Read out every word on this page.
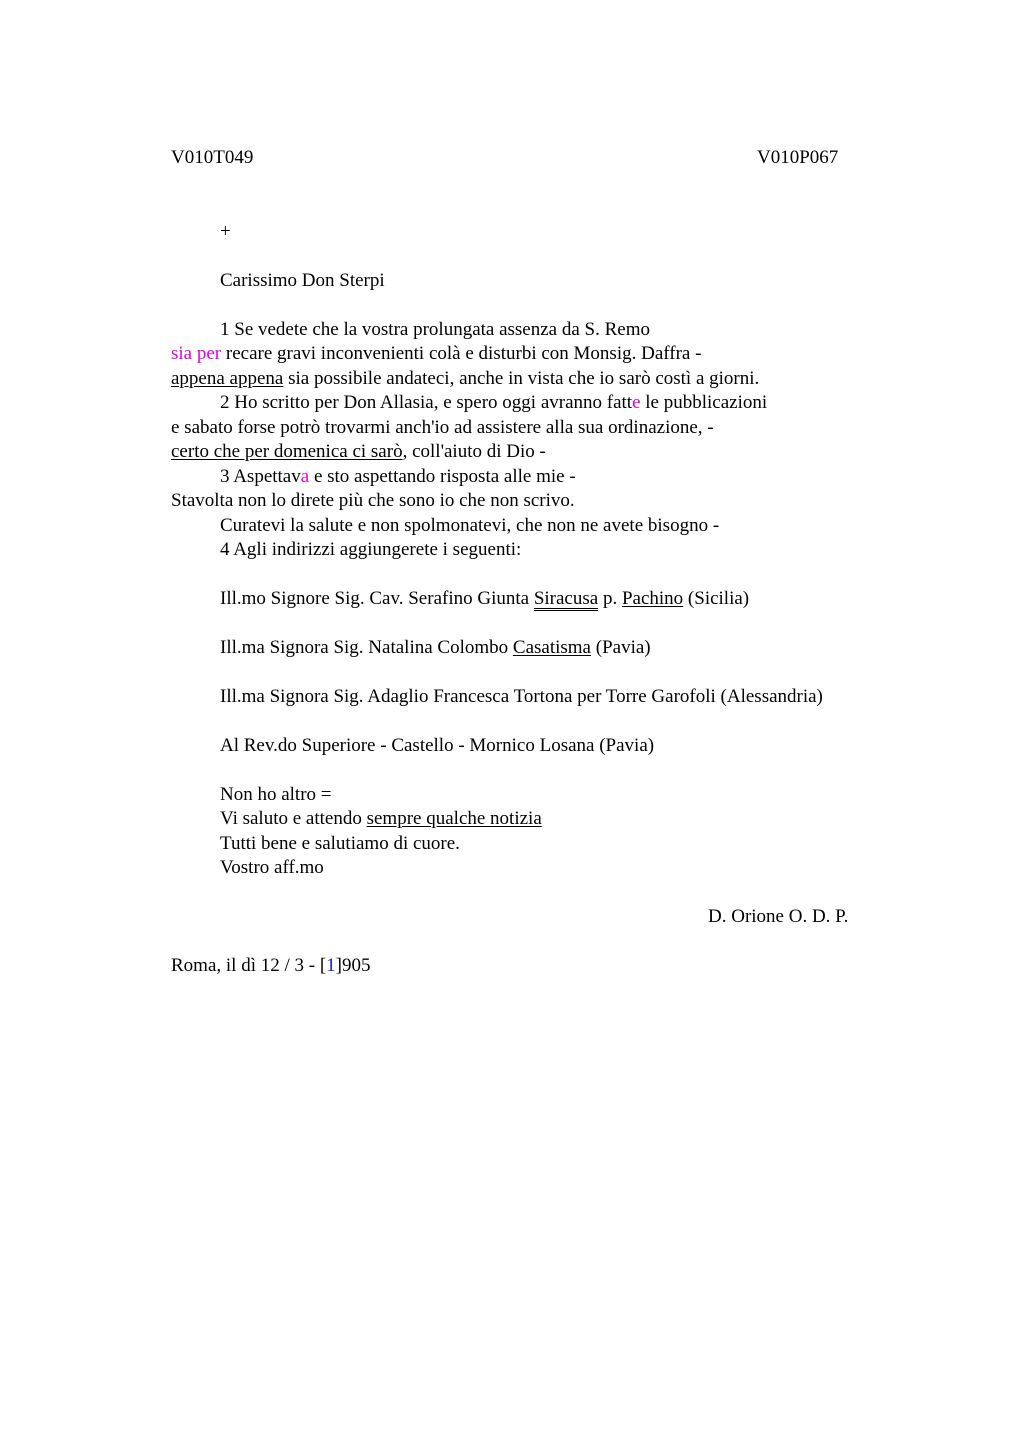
V010T049	V010P067
+
Carissimo Don Sterpi
1 Se vedete che la vostra prolungata assenza da S. Remo
sia per recare gravi inconvenienti colà e disturbi con Monsig. Daffra -
appena appena sia possibile andateci, anche in vista che io sarò costì a giorni.
2 Ho scritto per Don Allasia, e spero oggi avranno fatte le pubblicazioni
e sabato forse potrò trovarmi anch'io ad assistere alla sua ordinazione, -
certo che per domenica ci sarò, coll'aiuto di Dio -
3 Aspettava e sto aspettando risposta alle mie -
Stavolta non lo direte più che sono io che non scrivo.
Curatevi la salute e non spolmonatevi, che non ne avete bisogno -
4 Agli indirizzi aggiungerete i seguenti:
Ill.mo Signore Sig. Cav. Serafino Giunta Siracusa p. Pachino (Sicilia)
Ill.ma Signora Sig. Natalina Colombo Casatisma (Pavia)
Ill.ma Signora Sig. Adaglio Francesca Tortona per Torre Garofoli (Alessandria)
Al Rev.do Superiore - Castello - Mornico Losana (Pavia)
Non ho altro =
Vi saluto e attendo sempre qualche notizia
Tutti bene e salutiamo di cuore.
Vostro aff.mo
D. Orione O. D. P.
Roma, il dì 12 / 3 - [1]905
